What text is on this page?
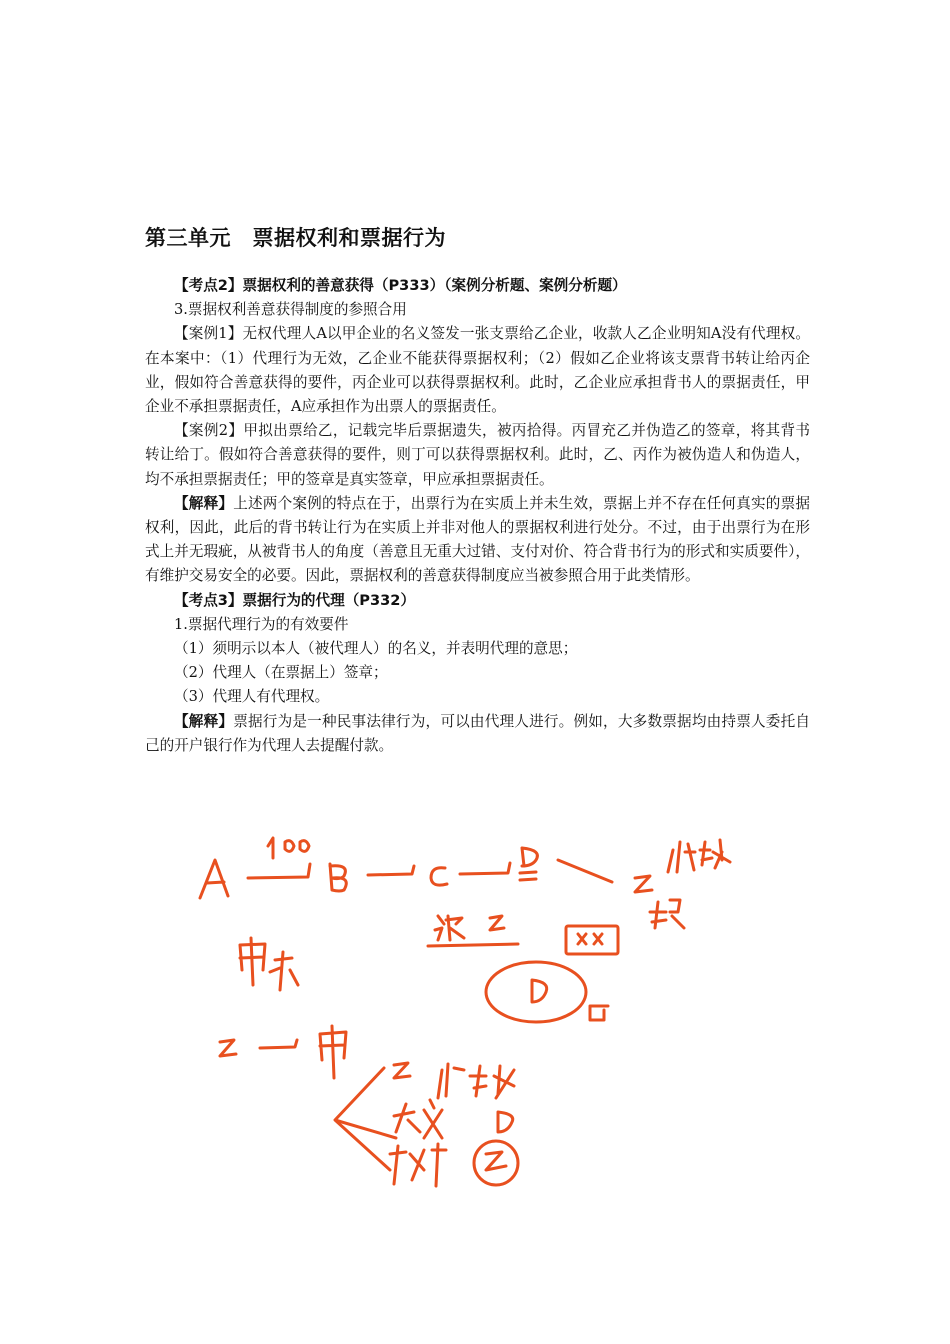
第三单元　票据权利和票据行为

【考点2】票据权利的善意获得（P333）（案例分析题、案例分析题）

3.票据权利善意获得制度的参照合用

【案例1】无权代理人A以甲企业的名义签发一张支票给乙企业，收款人乙企业明知A没有代理权。在本案中：（1）代理行为无效，乙企业不能获得票据权利；（2）假如乙企业将该支票背书转让给丙企业，假如符合善意获得的要件，丙企业可以获得票据权利。此时，乙企业应承担背书人的票据责任，甲企业不承担票据责任，A应承担作为出票人的票据责任。

【案例2】甲拟出票给乙，记载完毕后票据遗失，被丙拾得。丙冒充乙并伪造乙的签章，将其背书转让给丁。假如符合善意获得的要件，则丁可以获得票据权利。此时，乙、丙作为被伪造人和伪造人，均不承担票据责任；甲的签章是真实签章，甲应承担票据责任。

【解释】上述两个案例的特点在于，出票行为在实质上并未生效，票据上并不存在任何真实的票据权利，因此，此后的背书转让行为在实质上并非对他人的票据权利进行处分。不过，由于出票行为在形式上并无瑕疵，从被背书人的角度（善意且无重大过错、支付对价、符合背书行为的形式和实质要件），有维护交易安全的必要。因此，票据权利的善意获得制度应当被参照合用于此类情形。

【考点3】票据行为的代理（P332）

1.票据代理行为的有效要件

（1）须明示以本人（被代理人）的名义，并表明代理的意思；

（2）代理人（在票据上）签章；

（3）代理人有代理权。

【解释】票据行为是一种民事法律行为，可以由代理人进行。例如，大多数票据均由持票人委托自己的开户银行作为代理人去提醒付款。
